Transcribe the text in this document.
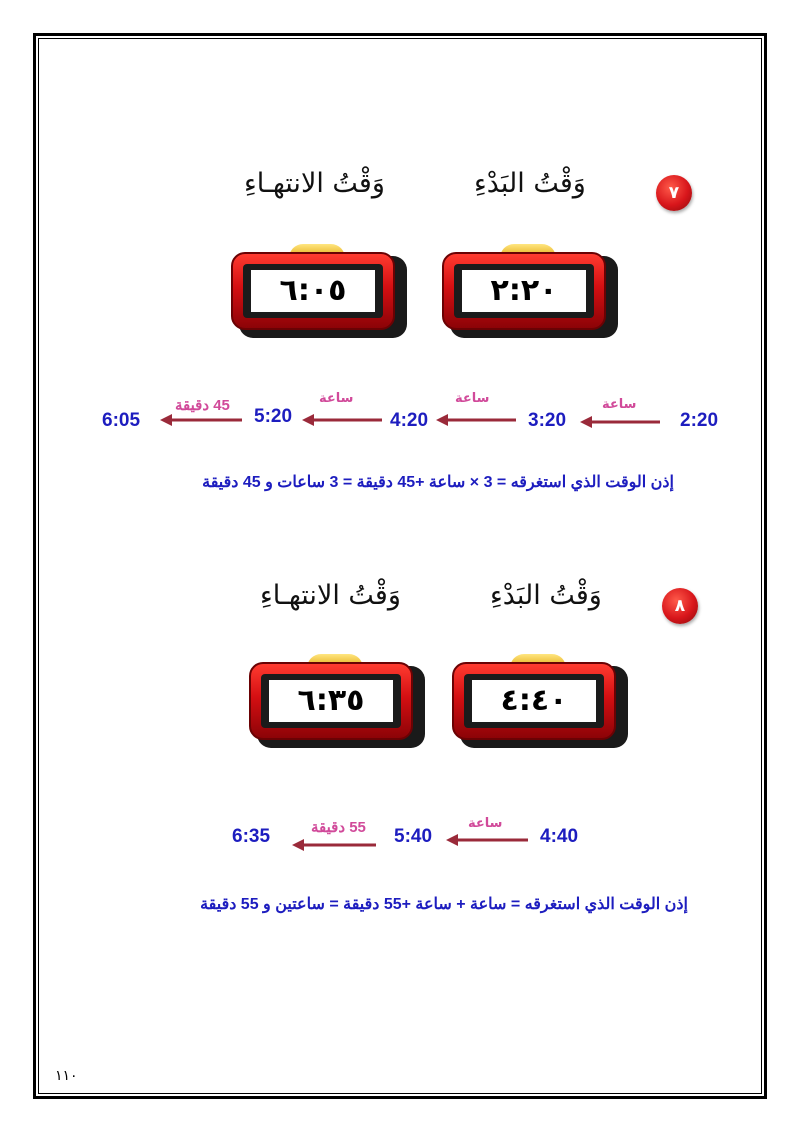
٧
وَقْتُ البَدْءِ
وَقْتُ الانتهـاءِ
٢:٢٠
٦:٠٥
2:20
3:20
4:20
5:20
6:05
ساعة
ساعة
ساعة
45 دقيقة
إذن الوقت الذي استغرقه = 3 × ساعة +45 دقيقة = 3 ساعات و 45 دقيقة
٨
وَقْتُ البَدْءِ
وَقْتُ الانتهـاءِ
٤:٤٠
٦:٣٥
4:40
5:40
6:35
ساعة
55 دقيقة
إذن الوقت الذي استغرقه = ساعة + ساعة +55 دقيقة = ساعتين و 55 دقيقة
١١٠
